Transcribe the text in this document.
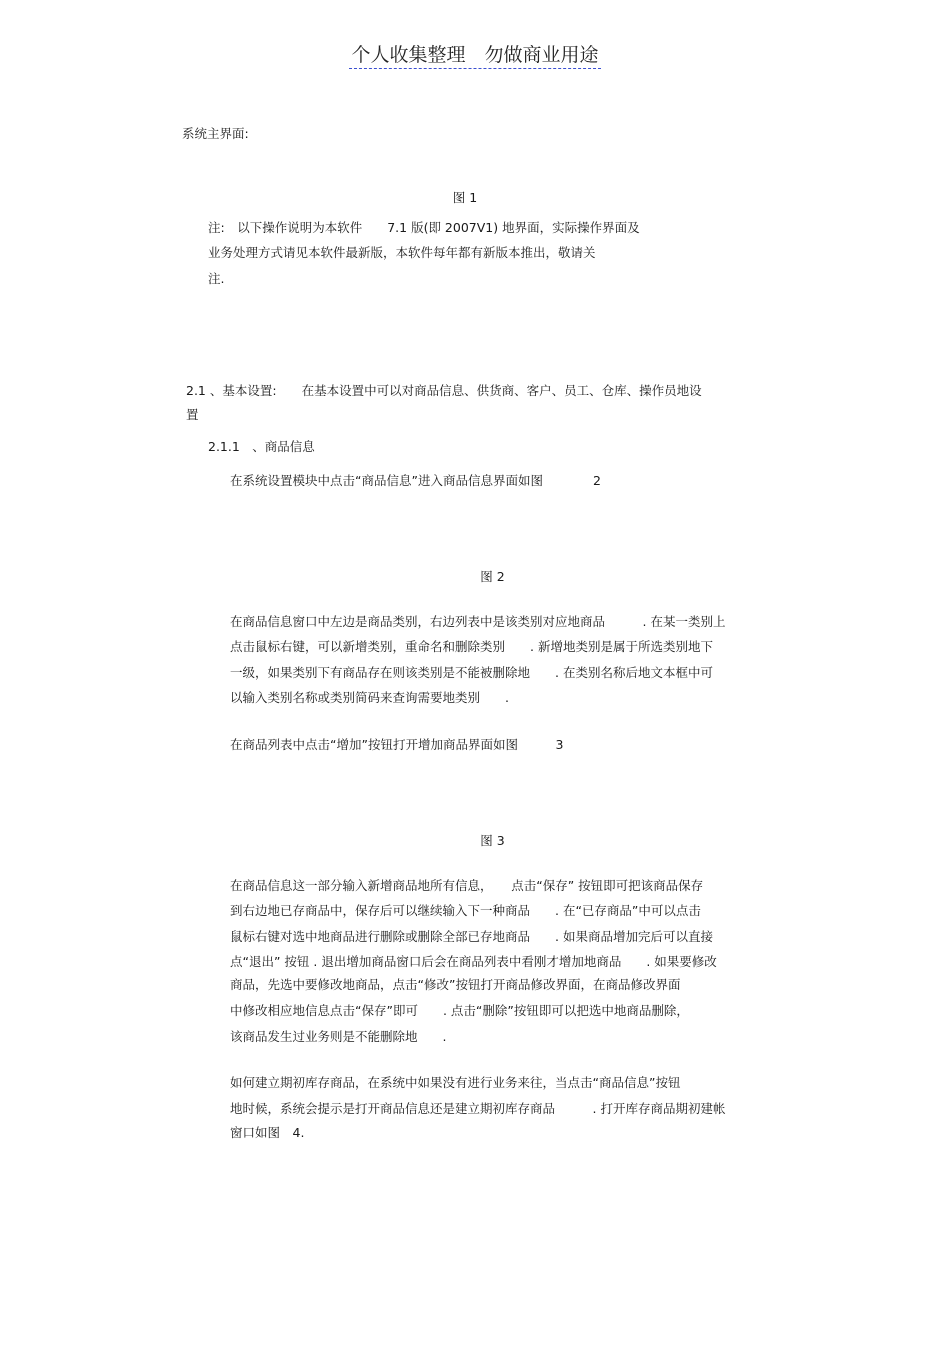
个人收集整理　勿做商业用途
系统主界面:
图 1
注:　以下操作说明为本软件　　7.1 版(即 2007V1) 地界面，实际操作界面及
业务处理方式请见本软件最新版，本软件每年都有新版本推出，敬请关
注.
2.1 、基本设置:　　在基本设置中可以对商品信息、供货商、客户、员工、仓库、操作员地设
置
2.1.1　、商品信息
在系统设置模块中点击“商品信息”进入商品信息界面如图　　　　2
图 2
在商品信息窗口中左边是商品类别，右边列表中是该类别对应地商品　　　. 在某一类别上
点击鼠标右键，可以新增类别，重命名和删除类别　　. 新增地类别是属于所选类别地下
一级，如果类别下有商品存在则该类别是不能被删除地　　. 在类别名称后地文本框中可
以输入类别名称或类别简码来查询需要地类别　　.
在商品列表中点击“增加”按钮打开增加商品界面如图　　　3
图 3
在商品信息这一部分输入新增商品地所有信息，　　点击“保存” 按钮即可把该商品保存
到右边地已存商品中，保存后可以继续输入下一种商品　　. 在“已存商品”中可以点击
鼠标右键对选中地商品进行删除或删除全部已存地商品　　. 如果商品增加完后可以直接
点“退出” 按钮 . 退出增加商品窗口后会在商品列表中看刚才增加地商品　　. 如果要修改
商品，先选中要修改地商品，点击“修改”按钮打开商品修改界面，在商品修改界面
中修改相应地信息点击“保存”即可　　. 点击“删除”按钮即可以把选中地商品删除，
该商品发生过业务则是不能删除地　　.
如何建立期初库存商品，在系统中如果没有进行业务来往，当点击“商品信息”按钮
地时候，系统会提示是打开商品信息还是建立期初库存商品　　　. 打开库存商品期初建帐
窗口如图　4.
